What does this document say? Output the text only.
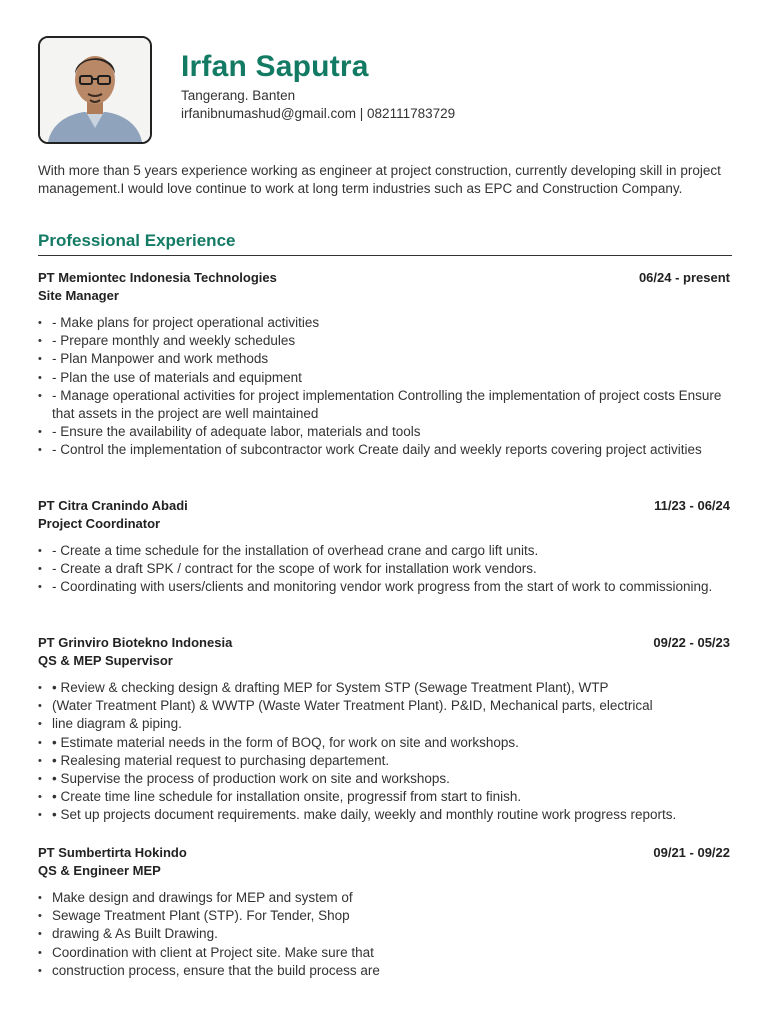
Irfan Saputra
Tangerang. Banten
irfanibnumashud@gmail.com | 082111783729
With more than 5 years experience working as engineer at project construction, currently developing skill in project management.I would love continue to work at long term industries such as EPC and Construction Company.
Professional Experience
PT Memiontec Indonesia Technologies	06/24 - present
Site Manager
• - Make plans for project operational activities
• - Prepare monthly and weekly schedules
• - Plan Manpower and work methods
• - Plan the use of materials and equipment
• - Manage operational activities for project implementation Controlling the implementation of project costs Ensure that assets in the project are well maintained
• - Ensure the availability of adequate labor, materials and tools
• - Control the implementation of subcontractor work Create daily and weekly reports covering project activities
PT Citra Cranindo Abadi	11/23 - 06/24
Project Coordinator
• - Create a time schedule for the installation of overhead crane and cargo lift units.
• - Create a draft SPK / contract for the scope of work for installation work vendors.
• - Coordinating with users/clients and monitoring vendor work progress from the start of work to commissioning.
PT Grinviro Biotekno Indonesia	09/22 - 05/23
QS & MEP Supervisor
• • Review & checking design & drafting MEP for System STP (Sewage Treatment Plant), WTP
• (Water Treatment Plant) & WWTP (Waste Water Treatment Plant). P&ID, Mechanical parts, electrical
• line diagram & piping.
• • Estimate material needs in the form of BOQ, for work on site and workshops.
• • Realesing material request to purchasing departement.
• • Supervise the process of production work on site and workshops.
• • Create time line schedule for installation onsite, progressif from start to finish.
• • Set up projects document requirements. make daily, weekly and monthly routine work progress reports.
PT Sumbertirta Hokindo	09/21 - 09/22
QS & Engineer MEP
• Make design and drawings for MEP and system of
• Sewage Treatment Plant (STP). For Tender, Shop
• drawing & As Built Drawing.
• Coordination with client at Project site. Make sure that
• construction process, ensure that the build process are
